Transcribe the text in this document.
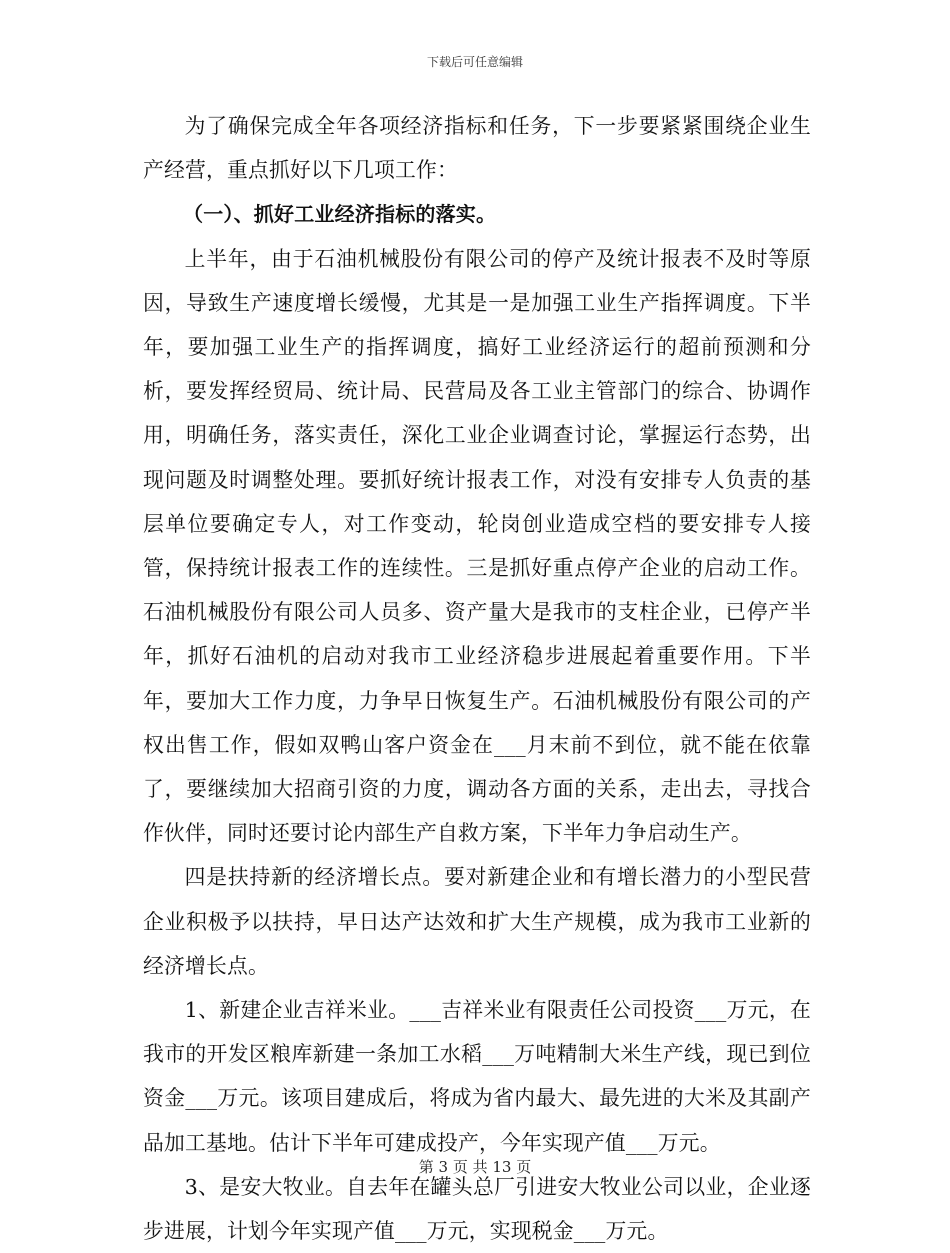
下载后可任意编辑

为了确保完成全年各项经济指标和任务，下一步要紧紧围绕企业生产经营，重点抓好以下几项工作：

（一）、抓好工业经济指标的落实。

上半年，由于石油机械股份有限公司的停产及统计报表不及时等原因，导致生产速度增长缓慢，尤其是一是加强工业生产指挥调度。下半年，要加强工业生产的指挥调度，搞好工业经济运行的超前预测和分析，要发挥经贸局、统计局、民营局及各工业主管部门的综合、协调作用，明确任务，落实责任，深化工业企业调查讨论，掌握运行态势，出现问题及时调整处理。要抓好统计报表工作，对没有安排专人负责的基层单位要确定专人，对工作变动，轮岗创业造成空档的要安排专人接管，保持统计报表工作的连续性。三是抓好重点停产企业的启动工作。石油机械股份有限公司人员多、资产量大是我市的支柱企业，已停产半年，抓好石油机的启动对我市工业经济稳步进展起着重要作用。下半年，要加大工作力度，力争早日恢复生产。石油机械股份有限公司的产权出售工作，假如双鸭山客户资金在___月末前不到位，就不能在依靠了，要继续加大招商引资的力度，调动各方面的关系，走出去，寻找合作伙伴，同时还要讨论内部生产自救方案，下半年力争启动生产。

四是扶持新的经济增长点。要对新建企业和有增长潜力的小型民营企业积极予以扶持，早日达产达效和扩大生产规模，成为我市工业新的经济增长点。

1、新建企业吉祥米业。___吉祥米业有限责任公司投资___万元，在我市的开发区粮库新建一条加工水稻___万吨精制大米生产线，现已到位资金___万元。该项目建成后，将成为省内最大、最先进的大米及其副产品加工基地。估计下半年可建成投产，今年实现产值___万元。

3、是安大牧业。自去年在罐头总厂引进安大牧业公司以业，企业逐步进展，计划今年实现产值___万元，实现税金___万元。

第 3 页 共 13 页
